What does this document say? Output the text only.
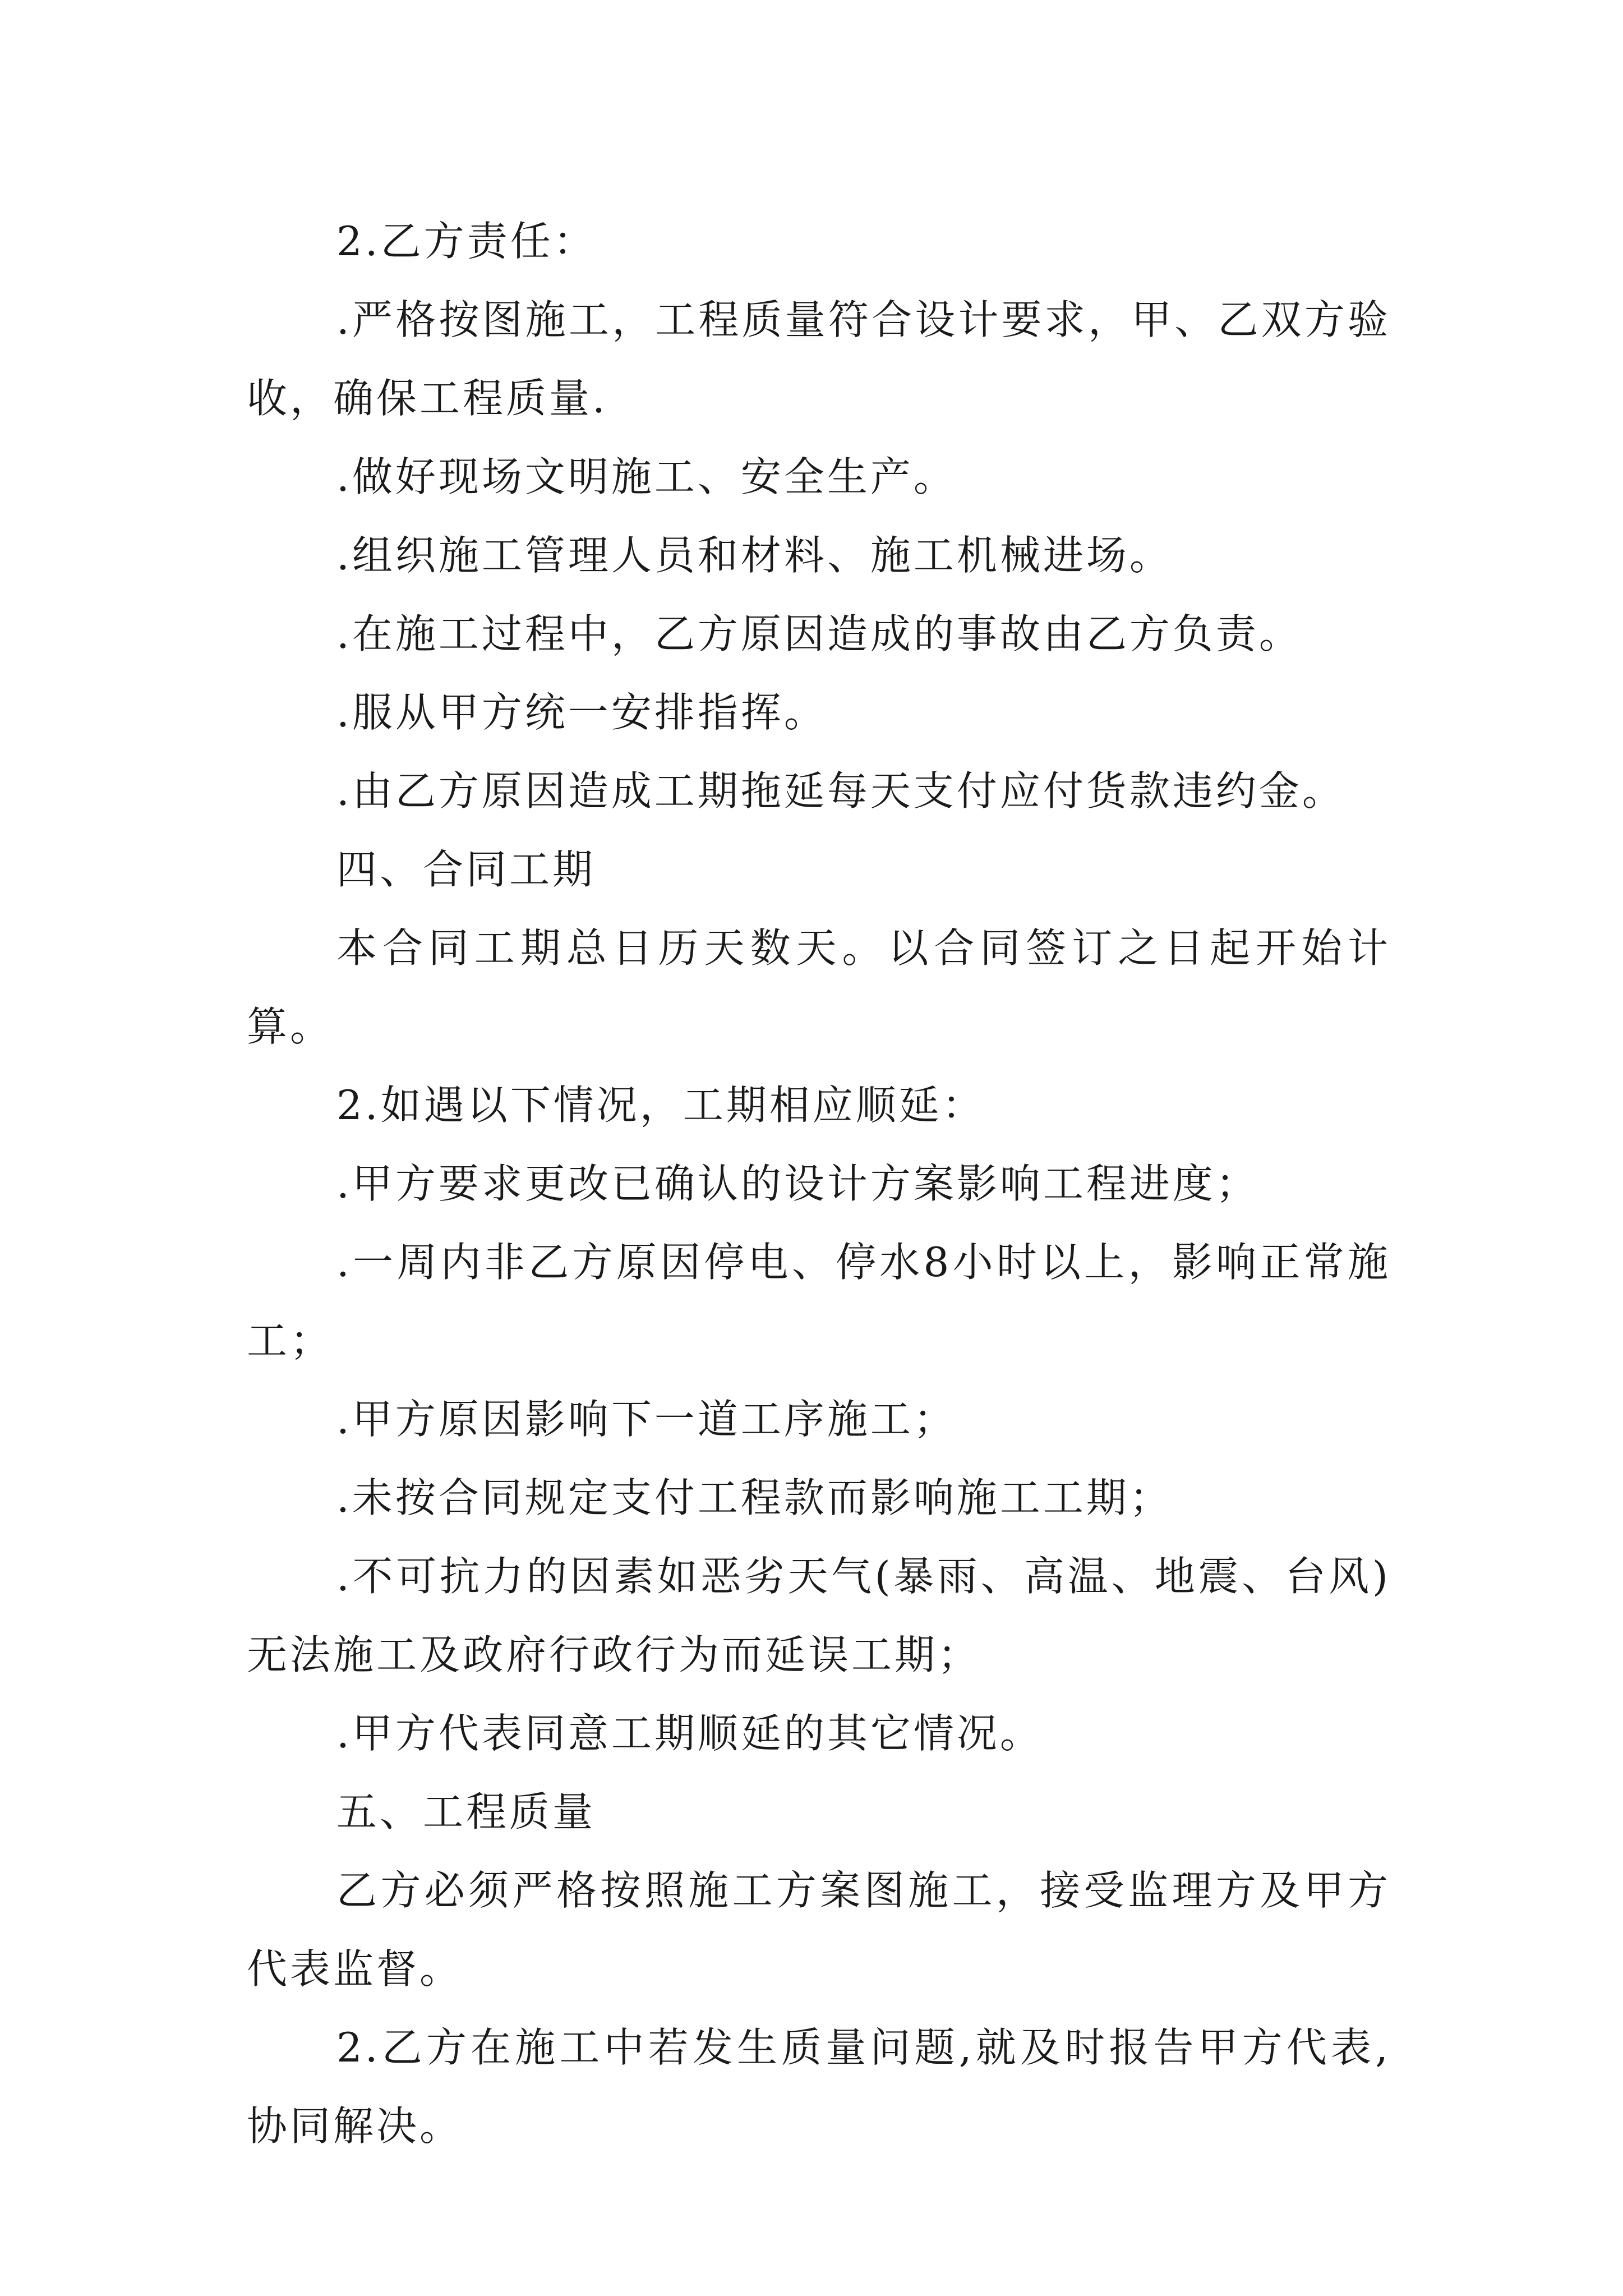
2.乙方责任：

.严格按图施工，工程质量符合设计要求，甲、乙双方验收，确保工程质量.

.做好现场文明施工、安全生产。

.组织施工管理人员和材料、施工机械进场。

.在施工过程中，乙方原因造成的事故由乙方负责。

.服从甲方统一安排指挥。

.由乙方原因造成工期拖延每天支付应付货款违约金。

四、合同工期

本合同工期总日历天数天。以合同签订之日起开始计算。

2.如遇以下情况，工期相应顺延：

.甲方要求更改已确认的设计方案影响工程进度；

.一周内非乙方原因停电、停水8小时以上，影响正常施工；

.甲方原因影响下一道工序施工；

.未按合同规定支付工程款而影响施工工期；

.不可抗力的因素如恶劣天气(暴雨、高温、地震、台风)无法施工及政府行政行为而延误工期；

.甲方代表同意工期顺延的其它情况。

五、工程质量

乙方必须严格按照施工方案图施工，接受监理方及甲方代表监督。

2.乙方在施工中若发生质量问题,就及时报告甲方代表,协同解决。
